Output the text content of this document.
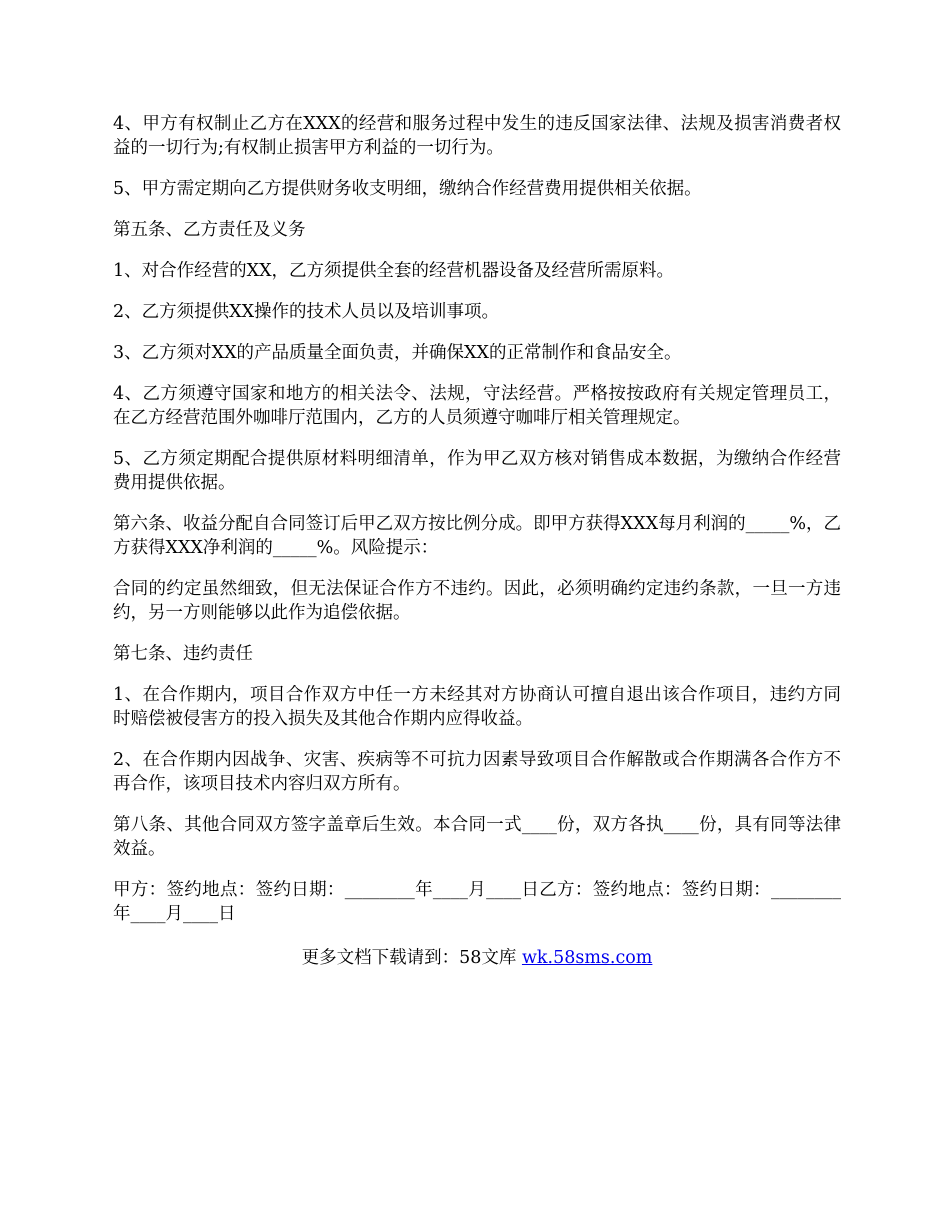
4、甲方有权制止乙方在XXX的经营和服务过程中发生的违反国家法律、法规及损害消费者权益的一切行为;有权制止损害甲方利益的一切行为。

5、甲方需定期向乙方提供财务收支明细，缴纳合作经营费用提供相关依据。

第五条、乙方责任及义务

1、对合作经营的XX，乙方须提供全套的经营机器设备及经营所需原料。

2、乙方须提供XX操作的技术人员以及培训事项。

3、乙方须对XX的产品质量全面负责，并确保XX的正常制作和食品安全。

4、乙方须遵守国家和地方的相关法令、法规，守法经营。严格按按政府有关规定管理员工，在乙方经营范围外咖啡厅范围内，乙方的人员须遵守咖啡厅相关管理规定。

5、乙方须定期配合提供原材料明细清单，作为甲乙双方核对销售成本数据，为缴纳合作经营费用提供依据。

第六条、收益分配自合同签订后甲乙双方按比例分成。即甲方获得XXX每月利润的_____%，乙方获得XXX净利润的_____%。风险提示：

合同的约定虽然细致，但无法保证合作方不违约。因此，必须明确约定违约条款，一旦一方违约，另一方则能够以此作为追偿依据。

第七条、违约责任

1、在合作期内，项目合作双方中任一方未经其对方协商认可擅自退出该合作项目，违约方同时赔偿被侵害方的投入损失及其他合作期内应得收益。

2、在合作期内因战争、灾害、疾病等不可抗力因素导致项目合作解散或合作期满各合作方不再合作，该项目技术内容归双方所有。

第八条、其他合同双方签字盖章后生效。本合同一式____份，双方各执____份，具有同等法律效益。

甲方：签约地点：签约日期：________年____月____日乙方：签约地点：签约日期：________年____月____日

更多文档下载请到：58文库 wk.58sms.com
